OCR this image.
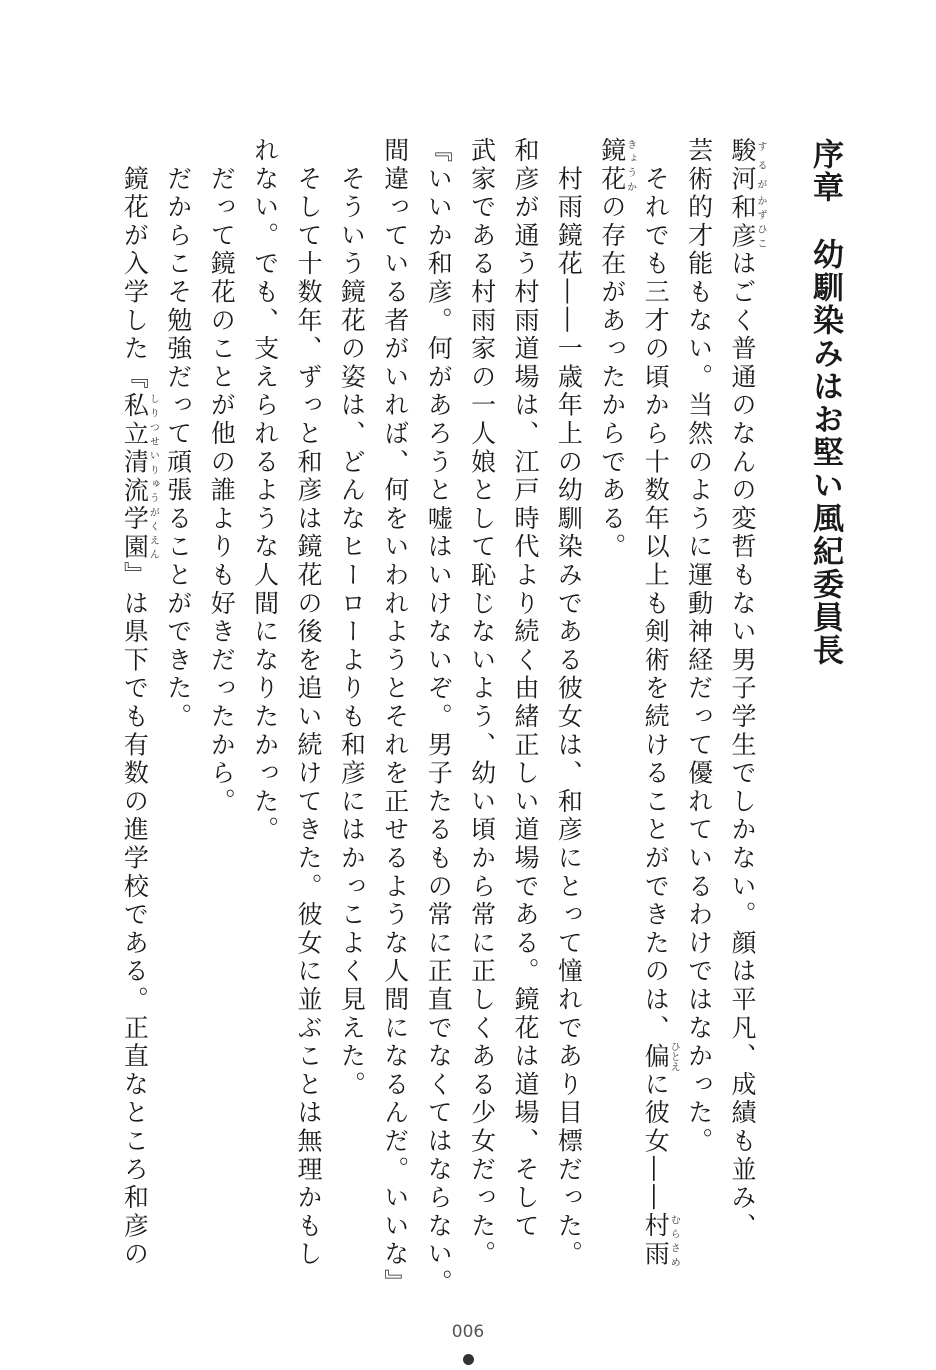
序章幼馴染みはお堅い風紀委員長
駿河するが和彦かずひこはごく普通のなんの変哲もない男子学生でしかない。顔は平凡、成績も並み、
芸術的才能もない。当然のように運動神経だって優れているわけではなかった。
　それでも三才の頃から十数年以上も剣術を続けることができたのは、偏ひとえに彼女――村雨むらさめ
鏡花きょうかの存在があったからである。
　村雨鏡花――一歳年上の幼馴染みである彼女は、和彦にとって憧れであり目標だった。
和彦が通う村雨道場は、江戸時代より続く由緒正しい道場である。鏡花は道場、そして
武家である村雨家の一人娘として恥じないよう、幼い頃から常に正しくある少女だった。
『いいか和彦。何があろうと嘘はいけないぞ。男子たるもの常に正直でなくてはならない。
間違っている者がいれば、何をいわれようとそれを正せるような人間になるんだ。いいな』
　そういう鏡花の姿は、どんなヒーローよりも和彦にはかっこよく見えた。
　そして十数年、ずっと和彦は鏡花の後を追い続けてきた。彼女に並ぶことは無理かもし
れない。でも、支えられるような人間になりたかった。
　だって鏡花のことが他の誰よりも好きだったから。
　だからこそ勉強だって頑張ることができた。
　鏡花が入学した『私立清流学園しりつせいりゅうがくえん』は県下でも有数の進学校である。正直なところ和彦の
006
